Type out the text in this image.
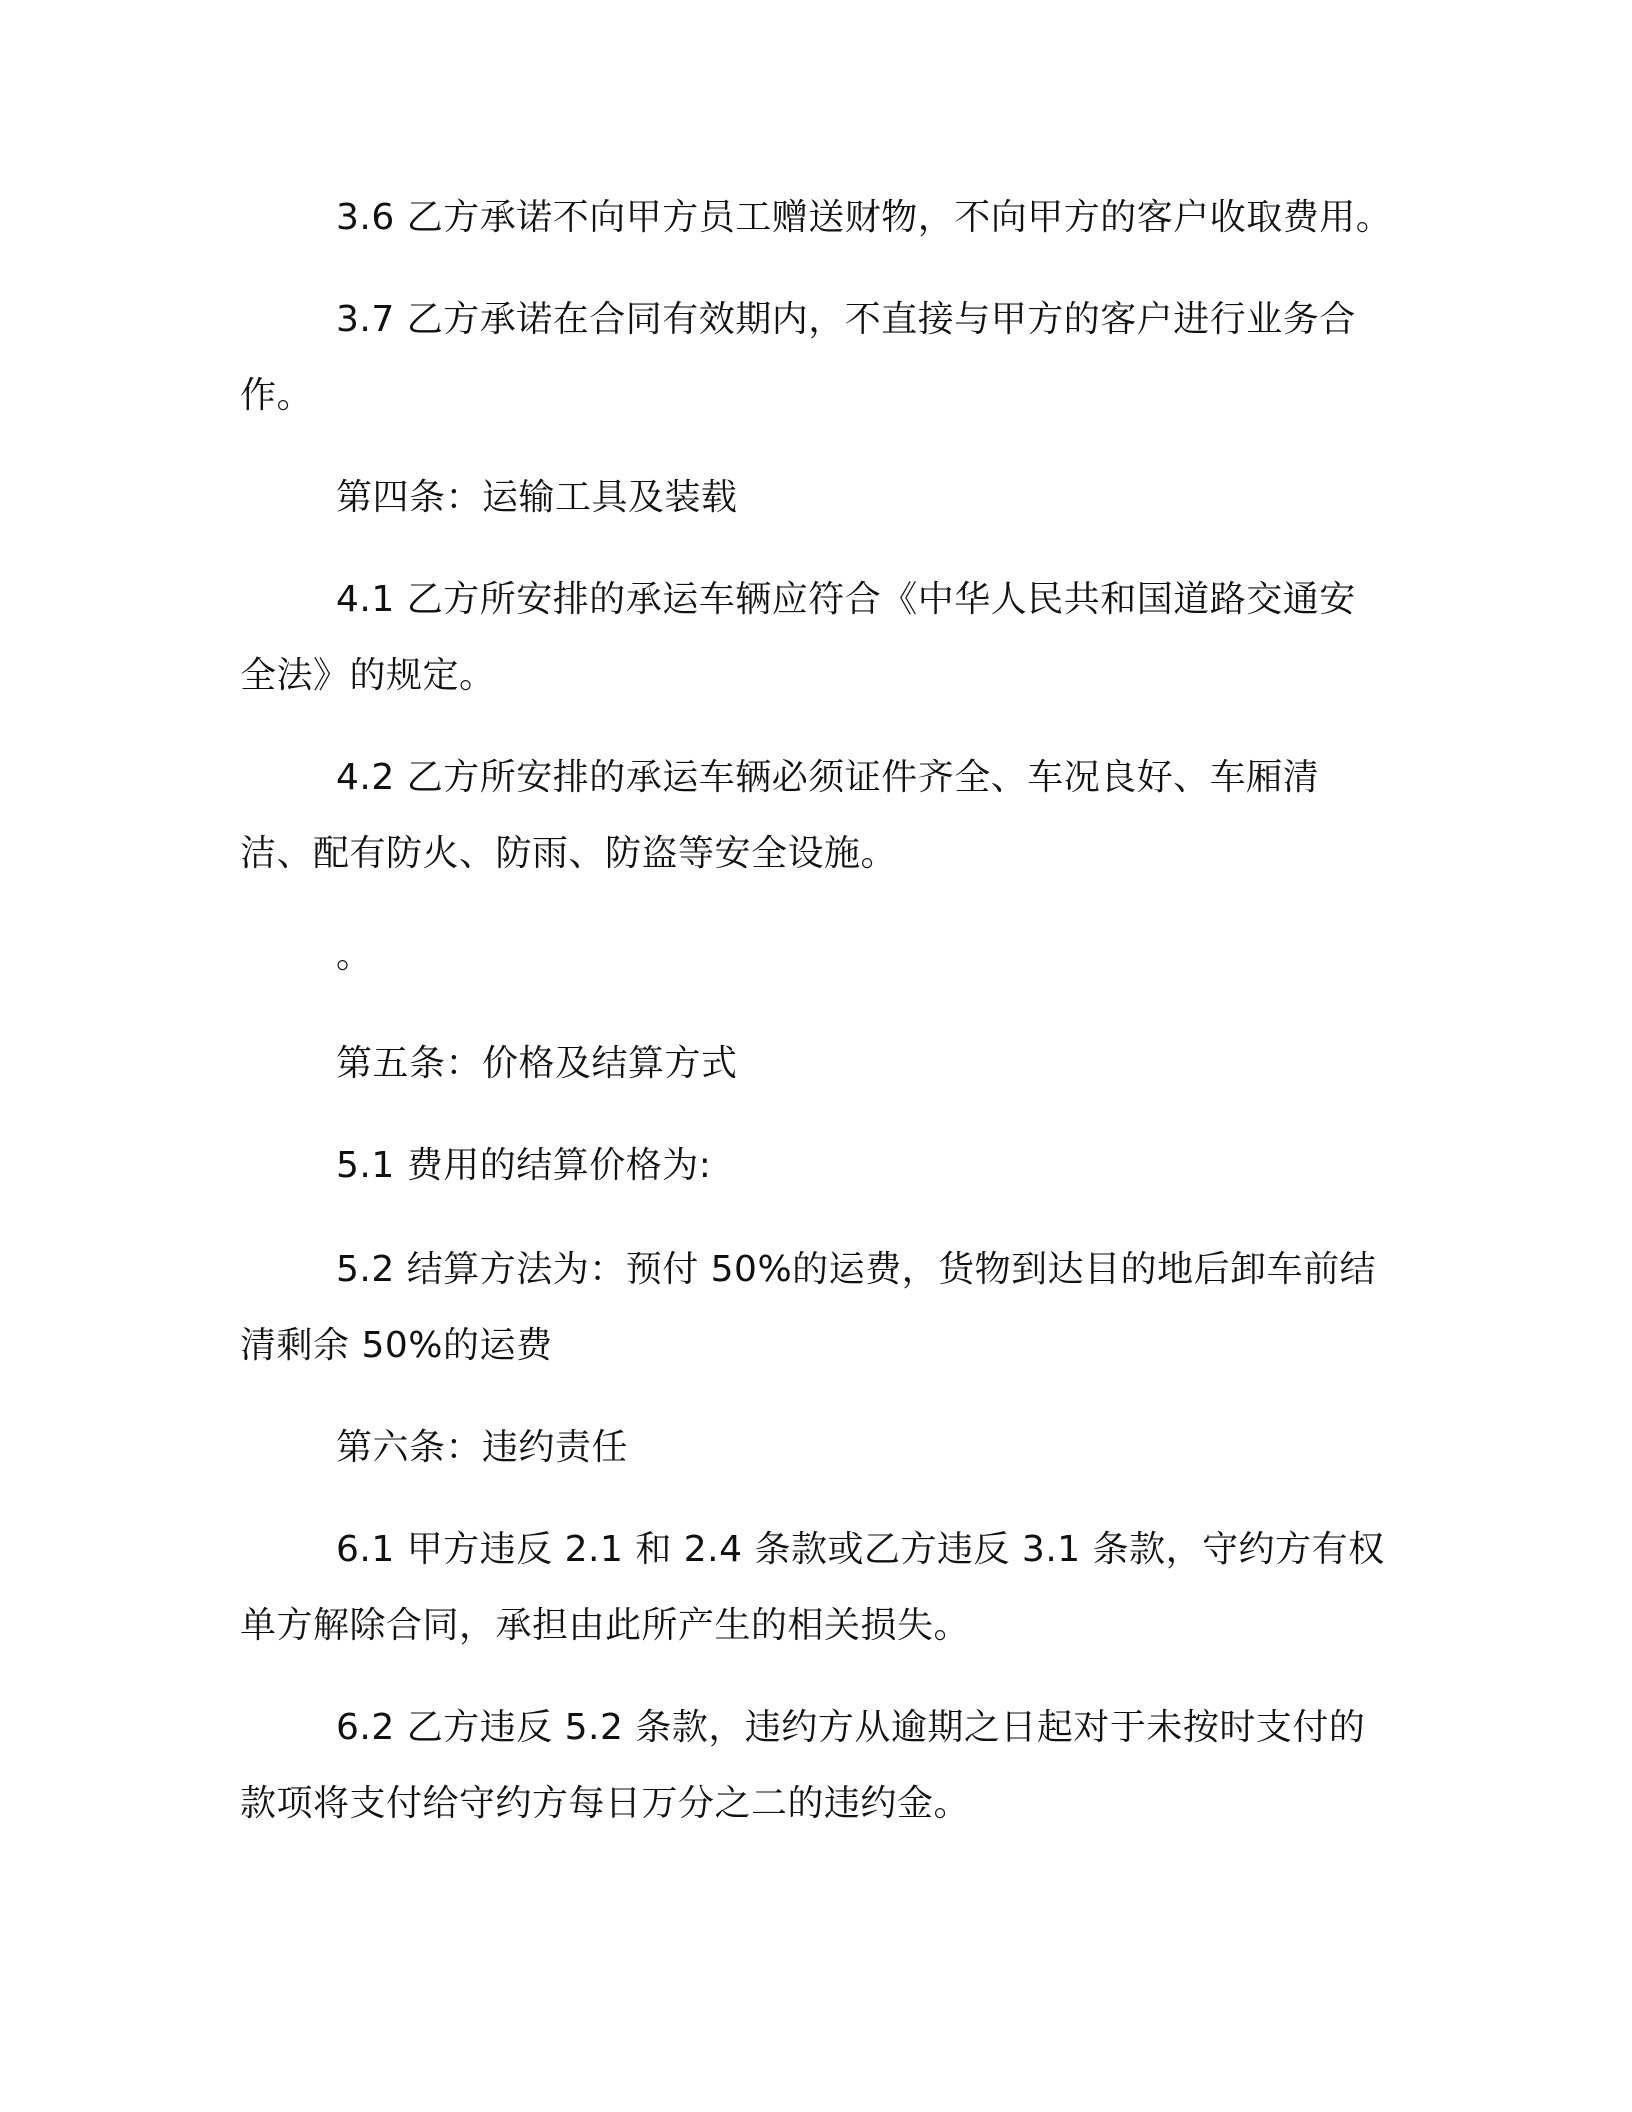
3.6 乙方承诺不向甲方员工赠送财物，不向甲方的客户收取费用。

3.7 乙方承诺在合同有效期内，不直接与甲方的客户进行业务合作。

第四条：运输工具及装载

4.1 乙方所安排的承运车辆应符合《中华人民共和国道路交通安全法》的规定。

4.2 乙方所安排的承运车辆必须证件齐全、车况良好、车厢清洁、配有防火、防雨、防盗等安全设施。

。

第五条：价格及结算方式

5.1 费用的结算价格为:

5.2 结算方法为：预付 50%的运费，货物到达目的地后卸车前结清剩余 50%的运费

第六条：违约责任

6.1 甲方违反 2.1 和 2.4 条款或乙方违反 3.1 条款，守约方有权单方解除合同，承担由此所产生的相关损失。

6.2 乙方违反 5.2 条款，违约方从逾期之日起对于未按时支付的款项将支付给守约方每日万分之二的违约金。
